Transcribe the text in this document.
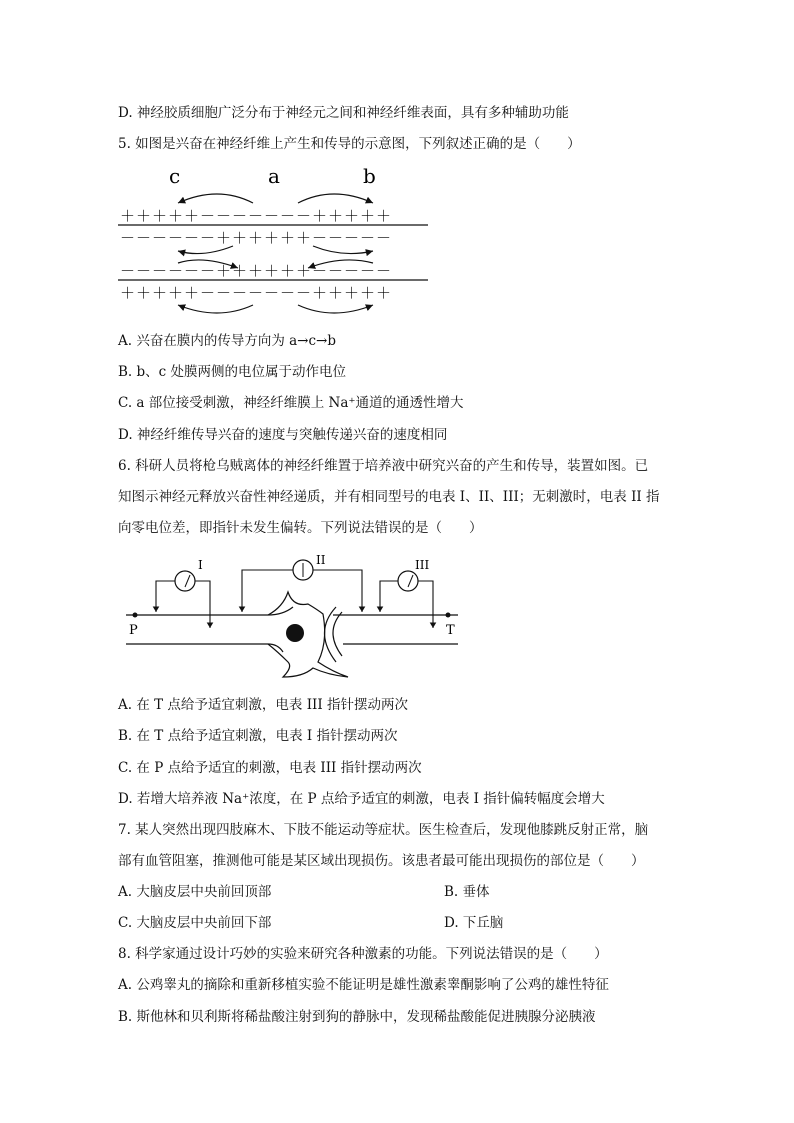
D. 神经胶质细胞广泛分布于神经元之间和神经纤维表面，具有多种辅助功能
5. 如图是兴奋在神经纤维上产生和传导的示意图，下列叙述正确的是（　　）
c	a	b
＋＋＋＋＋－－－－－－－＋＋＋＋＋
－－－－－－＋＋＋＋＋＋－－－－－
－－－－－－＋＋＋＋＋＋－－－－－
＋＋＋＋＋－－－－－－－＋＋＋＋＋
A. 兴奋在膜内的传导方向为 a→c→b
B. b、c 处膜两侧的电位属于动作电位
C. a 部位接受刺激，神经纤维膜上 Na⁺通道的通透性增大
D. 神经纤维传导兴奋的速度与突触传递兴奋的速度相同
6. 科研人员将枪乌贼离体的神经纤维置于培养液中研究兴奋的产生和传导，装置如图。已
知图示神经元释放兴奋性神经递质，并有相同型号的电表 I、II、III；无刺激时，电表 II 指
向零电位差，即指针未发生偏转。下列说法错误的是（　　）
P	T
I	II	III
A. 在 T 点给予适宜刺激，电表 III 指针摆动两次
B. 在 T 点给予适宜刺激，电表 I 指针摆动两次
C. 在 P 点给予适宜的刺激，电表 III 指针摆动两次
D. 若增大培养液 Na⁺浓度，在 P 点给予适宜的刺激，电表 I 指针偏转幅度会增大
7. 某人突然出现四肢麻木、下肢不能运动等症状。医生检查后，发现他膝跳反射正常，脑
部有血管阻塞，推测他可能是某区域出现损伤。该患者最可能出现损伤的部位是（　　）
A. 大脑皮层中央前回顶部	B. 垂体
C. 大脑皮层中央前回下部	D. 下丘脑
8. 科学家通过设计巧妙的实验来研究各种激素的功能。下列说法错误的是（　　）
A. 公鸡睾丸的摘除和重新移植实验不能证明是雄性激素睾酮影响了公鸡的雄性特征
B. 斯他林和贝利斯将稀盐酸注射到狗的静脉中，发现稀盐酸能促进胰腺分泌胰液
